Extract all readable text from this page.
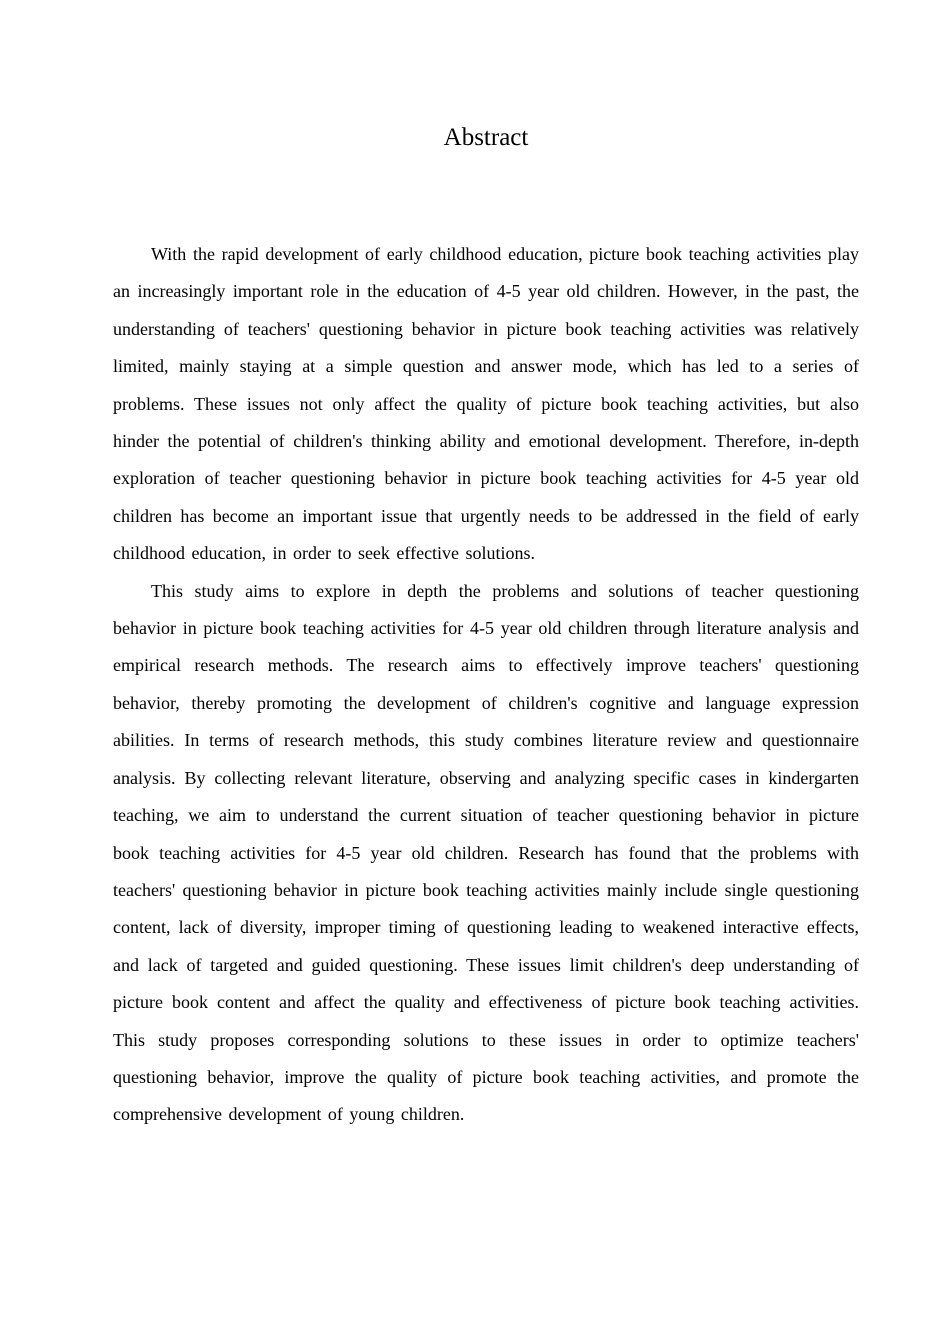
Abstract

With the rapid development of early childhood education, picture book teaching activities play an increasingly important role in the education of 4-5 year old children. However, in the past, the understanding of teachers' questioning behavior in picture book teaching activities was relatively limited, mainly staying at a simple question and answer mode, which has led to a series of problems. These issues not only affect the quality of picture book teaching activities, but also hinder the potential of children's thinking ability and emotional development. Therefore, in-depth exploration of teacher questioning behavior in picture book teaching activities for 4-5 year old children has become an important issue that urgently needs to be addressed in the field of early childhood education, in order to seek effective solutions.

This study aims to explore in depth the problems and solutions of teacher questioning behavior in picture book teaching activities for 4-5 year old children through literature analysis and empirical research methods. The research aims to effectively improve teachers' questioning behavior, thereby promoting the development of children's cognitive and language expression abilities. In terms of research methods, this study combines literature review and questionnaire analysis. By collecting relevant literature, observing and analyzing specific cases in kindergarten teaching, we aim to understand the current situation of teacher questioning behavior in picture book teaching activities for 4-5 year old children. Research has found that the problems with teachers' questioning behavior in picture book teaching activities mainly include single questioning content, lack of diversity, improper timing of questioning leading to weakened interactive effects, and lack of targeted and guided questioning. These issues limit children's deep understanding of picture book content and affect the quality and effectiveness of picture book teaching activities. This study proposes corresponding solutions to these issues in order to optimize teachers' questioning behavior, improve the quality of picture book teaching activities, and promote the comprehensive development of young children.
